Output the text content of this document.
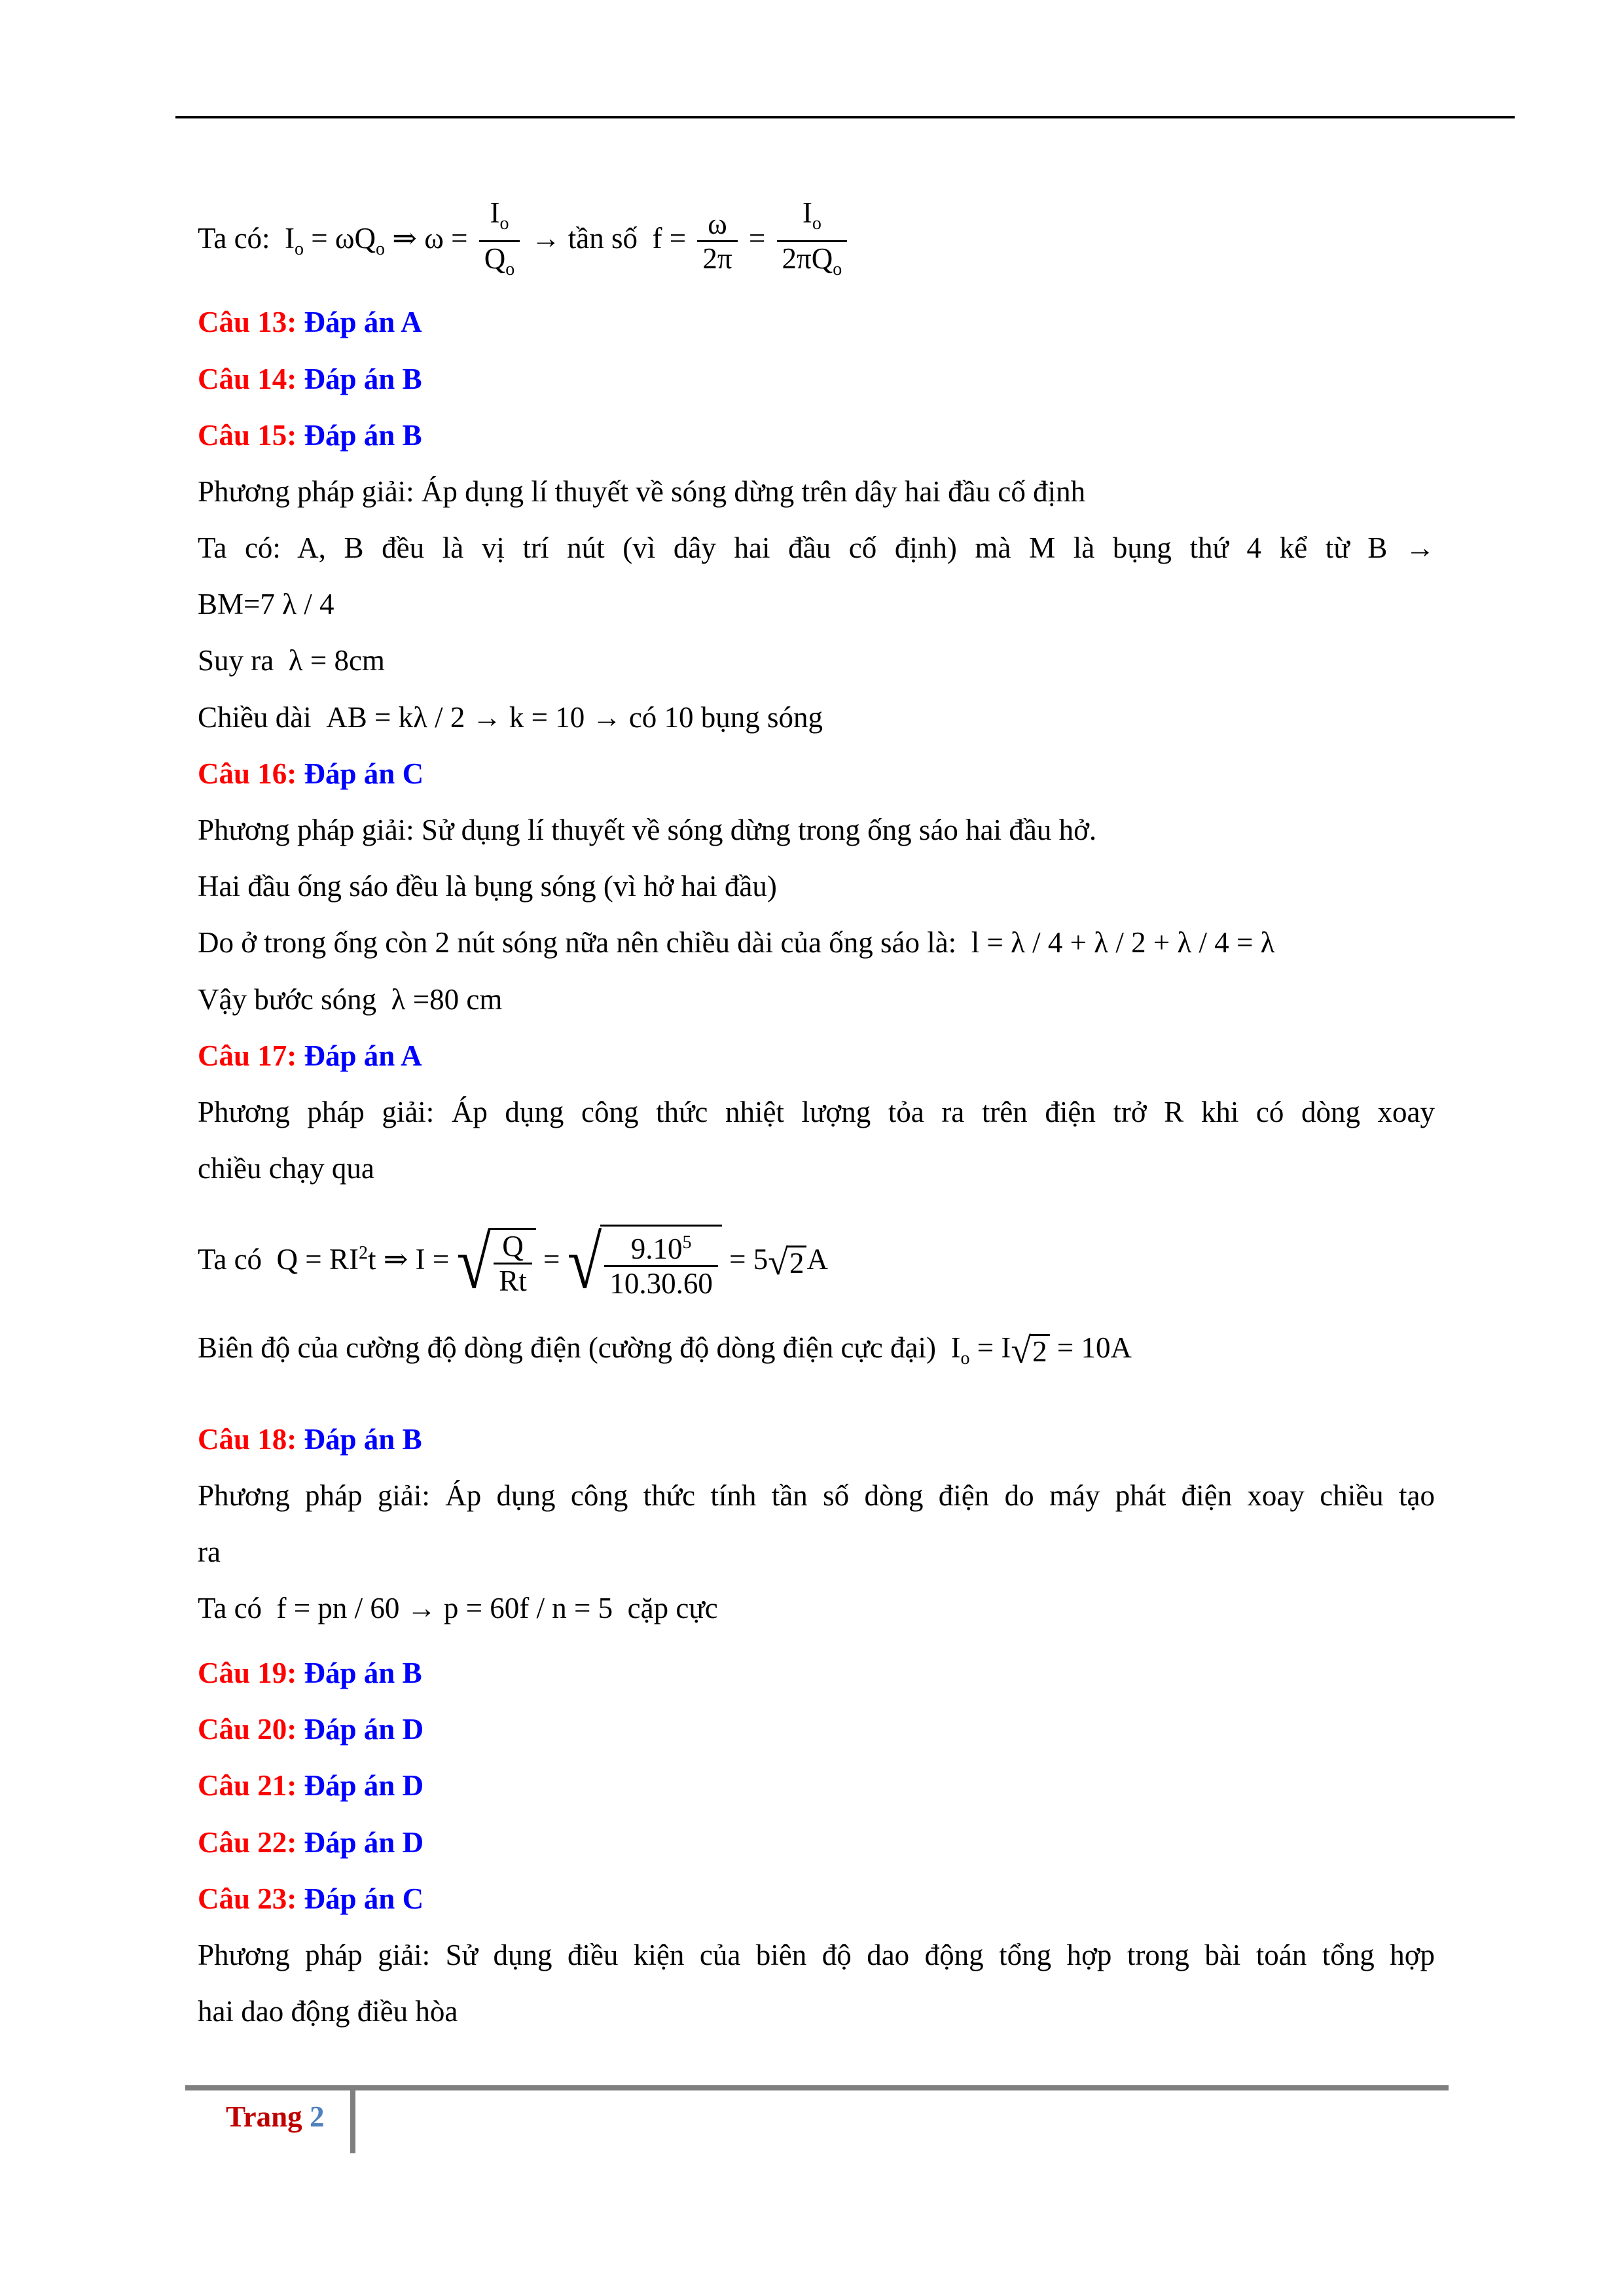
Ta có:  $I_o = \omega Q_o$ ⇒ $\omega = \frac{I_o}{Q_o}$ → tần số  $f = \frac{\omega}{2\pi} = \frac{I_o}{2\pi Q_o}$
Câu 13: Đáp án A
Câu 14: Đáp án B
Câu 15: Đáp án B
Phương pháp giải: Áp dụng lí thuyết về sóng dừng trên dây hai đầu cố định
Ta có: A, B đều là vị trí nút (vì dây hai đầu cố định) mà M là bụng thứ 4 kể từ B →
BM=7 λ / 4
Suy ra λ = 8cm
Chiều dài AB = kλ / 2 → k = 10 → có 10 bụng sóng
Câu 16: Đáp án C
Phương pháp giải: Sử dụng lí thuyết về sóng dừng trong ống sáo hai đầu hở.
Hai đầu ống sáo đều là bụng sóng (vì hở hai đầu)
Do ở trong ống còn 2 nút sóng nữa nên chiều dài của ống sáo là: l = λ / 4 + λ / 2 + λ / 4 = λ
Vậy bước sóng λ =80 cm
Câu 17: Đáp án A
Phương pháp giải: Áp dụng công thức nhiệt lượng tỏa ra trên điện trở R khi có dòng xoay
chiều chạy qua
Ta có  $Q = RI^2t$ ⇒ I = √ $\frac{Q}{Rt}$ = √ $\frac{9.10^5}{10.30.60} = 5$ √ 2 A
Biên độ của cường độ dòng điện (cường độ dòng điện cực đại) $I_o = I$ √ 2 = 10A
Câu 18: Đáp án B
Phương pháp giải: Áp dụng công thức tính tần số dòng điện do máy phát điện xoay chiều tạo
ra
Ta có f = pn / 60 → p = 60f / n = 5 cặp cực
Câu 19: Đáp án B
Câu 20: Đáp án D
Câu 21: Đáp án D
Câu 22: Đáp án D
Câu 23: Đáp án C
Phương pháp giải: Sử dụng điều kiện của biên độ dao động tổng hợp trong bài toán tổng hợp
hai dao động điều hòa
Trang 2
